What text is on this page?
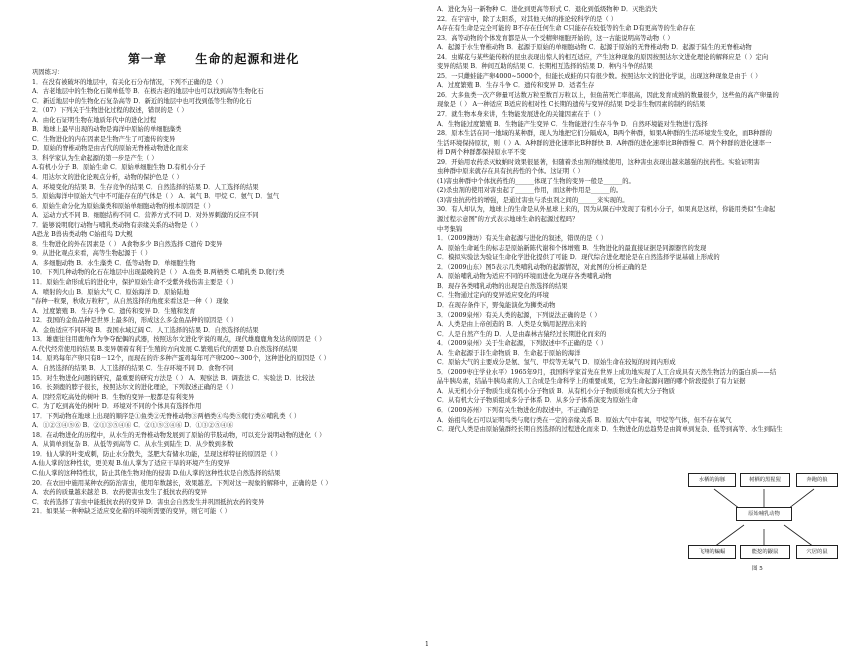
第一章 生命的起源和进化
巩固练习：
1．在没有被破坏的地层中，有关化石分布情况，下列不正确的是（ ）
A．古老地层中的生物化石简单低等 B．在极古老的地层中也可以找到高等生物化石
C．新近地层中的生物化石复杂高等 D．新近的地层中也可找到低等生物的化石
2．（07）下列关于生物进化过程的叙述，错误的是（ ）
A．由化石证明生物在地质年代中的进化过程
B．地球上最早出现的动物是海洋中原始的单细胞藻类
C．生物进化的内在因素是生物产生了可遗传的变异
D．原始的脊椎动物是由古代的原始无脊椎动物进化而来
3．科学家认为生命起源的第一步是产生（ ）
A.有机小分子 B．原始生命 C．原始单细胞生物 D.有机小分子
4．用达尔文的进化论观点分析，动物的保护色是（ ）
A．环境变化的结果 B．生存竞争的结果 C．自然选择的结果 D．人工选择的结果
5．原始海洋中原始大气中不可能存在的气体是（ ） A．氧气 B．甲烷 C．氨气 D．氢气
6．原始生命分化为原始藻类和原始单细胞动物的根本原因是（ ）
A．运动方式不同 B．细胞结构不同 C．营养方式不同 D．对外界刺激的反应不同
7．能够说明爬行动物与哺乳类动物有亲缘关系的动物是（ ）
A恐龙 B兽齿类动物 C始祖鸟 D大鲵
8．生物进化的外在因素是（ ） A食物多少 B自然选择 C遗传 D变异
9．从进化观点来看，高等生物起源于（ ）
A．多细胞动物 B．水生藻类 C．低等动物 D．单细胞生物
10．下列几种动物的化石在地层中出现最晚的是（ ） A.鱼类 B.两栖类 C.哺乳类 D.爬行类
11．原始生命形成后的进化中，保护原始生命不受紫外线伤害主要是（ ）
A．喷射的火山 B．原始大气 C．原始海洋 D．原始陆地
"春种一粒粟，秋收万粒籽"，从自然选择的角度来看这是一种（ ）现象
A．过度繁殖 B．生存斗争 C．遗传和变异 D．生殖和发育
12．我国的金鱼品种是世界上最多的，形成这么多金鱼品种的原因是（ ）
A．金鱼适应不同环境 B．我国水域辽阔 C．人工选择的结果 D．自然选择的结果
13．雄鹿往往用鹿角作为争夺配偶的武器，按照达尔文进化学说的观点，现代雄鹿鹿角发达的原因是（ ）
A.代代经常使用的结果 B.变异朝着有利于生殖的方向发展 C.繁殖后代的需要 D.自然选择的结果
14．原鸡每年产卵只有8－12个，而现在的许多种产蛋鸡每年可产卵200～300个，这种进化的原因是（ ）
A．自然选择的结果 B．人工选择的结果 C．生存环境不同 D．食物不同
15．对生物进化问题的研究，最重要的研究方法是（ ） A．观察法 B．调查法 C．实验法 D．比较法
16．长颈鹿的脖子很长，按照达尔文的进化理论，下列叙述正确的是（ ）
A．因经常吃高处的树叶 B．生物的变异一般都是有利变异
C．为了吃到高处的树叶 D．环境对不同的个体具有选择作用
17．下列动物在地球上出现的顺序是①鱼类②无脊椎动物③两栖类④鸟类⑤爬行类⑥哺乳类（ ）
A．①②③④⑤⑥ B．②①③⑤④⑥ C．②①⑤③④⑥ D．①③②⑤④⑥
18．在动物进化的历程中，从水生的无脊椎动物发展到了原始的节肢动物，可以充分说明动物的进化（ ）
A．从简单到复杂 B．从低等到高等 C．从水生到陆生 D．从少数到多数
19．仙人掌的叶变成刺，防止水分散失，茎肥大有储水功能，呈现这样特征的原因是（ ）
A.仙人掌的这种性状，更美观 B.仙人掌为了适应干旱的环境产生的变异
C.仙人掌的这种特性状，防止其他生物对他的侵害 D.仙人掌的这种性状是自然选择的结果
20．在农田中施用某种农药防治害虫，使用年数越长，效果越差。下列对这一现象的解释中，正确的是（ ）
A．农药的质量越来越差 B．农药使害虫发生了抵抗农药的变异
C．农药选择了害虫中能抵抗农药的变异 D．害虫会自然发生并巩固抵抗农药的变异
21．如果某一种种缺乏适应变化着的环境所需要的变异，则它可能（ ）
A．进化为另一新物种 C．进化到更高等形式 C．退化到低级物种 D．灭绝消失
22．在宇宙中，除了太阳系，对其他天体的推论较科学的是（ ）
A存在有生命是完全可能的 B不存在任何生命 C只能存在较低等的生命 D有更高等的生命存在
23．高等动物的个体发育都是从一个受精卵细胞开始的，这一古能说明高等动物（ ）
A．起源于水生脊椎动物 B．起源于原始的单细胞动物 C．起源于原始的无脊椎动物 D．起源于陆生的无脊椎动物
24．虫媒花与某些能传粉的昆虫表现出惊人的相互适应，产生这种现象的原因按照达尔文进化理论的解释应是（ ）定向
变异的结果 B．种间互助的结果 C．长期相互选择的结果 D．种内斗争的结果
25．一只雌蛙能产卵4000~5000个，但能长成蛙的只有很少数。按照达尔文的进化学说，出现这种现象是由于（ ）
A．过度繁殖 B．生存斗争 C．遗传和变异 D．适者生存
26．大多鱼类一次产卵量可达数万粒至数百万粒以上，但鱼苗死亡率很高，因此发育成熟的数量很少，这些鱼的高产卵量的
现象是（ ） A一种适应 B适应的相对性 C长期的遗传与变异的结果 D受非生物因素的制约的结果
27．就生物本身来讲，生物能发展进化的关键因素在于（ ）
A．生物能过度繁殖 B．生物能产生变异 C．生物能进行生存斗争 D．自然环境能对生物进行选择
28．原本生活在同一地域的某种群，现人为地把它们分隔成A，B两个种群，如果A种群的生活环境发生变化，而B种群的
生活环境保持原状，则（ ）A．A种群的进化速率比B种群快 B．A种群的进化速率比B种群慢 C．两个种群的进化速率一
样 D两个种群都保持原水平不变
29．开始用农药杀灭蚊蚋时效果很显著，但随着杀虫剂的继续使用，这种害虫表现出越来越强的抗药性。实验证明害
虫种群中原来就存在具有抗药性的个体。这证明（ ）
(1)害虫种群中个体抗药性的______体现了生物的变异一般是______的。
(2)杀虫剂的使用对害虫起了______作用，而这种作用是______的。
(3)害虫抗药性的增强，是通过害虫与杀虫剂之间的______来实现的。
30．有人却认为，地球上的生命是从外星球上来的，因为从陨石中发现了有机小分子，如果真是这样，你能用类似"生命起
源过程示意图"的方式表示地球生命的起源过程吗？
中考集锦
1．（2009潍坊）有关生命起源与进化的叙述，错误的是（ ）
A．原始生命诞生的标志是原始新陈代谢和个体增殖 B．生物进化的最直接证据是同源器官的发现
C．模拟实验法为验证生命化学进化提供了可能 D．现代综合进化理论是在自然选择学说基础上形成的
2．（2009山东）图5表示几类哺乳动物的起源情况，对此图的分析正确的是
A．原始哺乳动物为适应不同的环境而进化为现存各类哺乳动物
B．现存各类哺乳动物的出现是自然选择的结果
C．生物通过定向的变异适应变化的环境
D．在现存条件下，野兔能演化为狮类动物
3．（2009泉州）有关人类的起源，下列说法正确的是（ ）
A．人类是由上帝创造的 B．人类是女娲用泥捏出来的
C．人是自然产生的 D．人是由森林古猿经过长期进化而来的
4．（2009泉州）关于生命起源，下列叙述中不正确的是（ ）
A．生命起源于非生命物质 B．生命起于原始的海洋
C．原始大气的主要成分是氨、氢气、甲烷等无氧气 D．原始生命在较短的时间内形成
5．（2009枣庄学业水平）1965年9月，我国科学家首先在世界上成功地实现了人工合成具有天然生物活力的蛋白质——结
晶牛胰岛素，结晶牛胰岛素的人工合成是生命科学上的重要成果，它为生命起源问题的哪个阶段提供了有力证据
A．从无机小分子物质生成有机小分子物质 B．从有机小分子物质形成有机大分子物质
C．从有机大分子物质组成多分子体系 D．从多分子体系演变为原始生命
6．（2009苏州）下列有关生物进化的叙述中，不正确的是
A．始祖鸟化石可以证明鸟类与爬行类在一定的亲缘关系 B．原始大气中有氧，甲烷等气体，但不存在氧气
C．现代人类是由原始猿群经长期自然选择的过程进化而来 D．生物进化的总趋势是由简单到复杂、低等到高等、水生到陆生
水栖的海豚	树栖的黑猩猩	奔跑的狼
原始哺乳动物
飞翔的蝙蝠	能挖的鼹鼠	穴居的鼠
图 5
1
